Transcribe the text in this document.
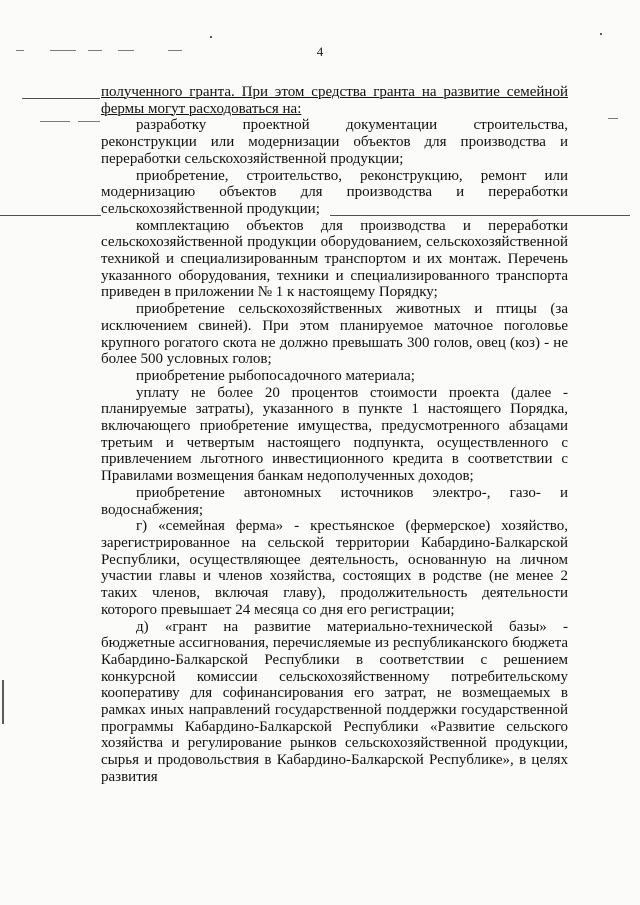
4

полученного гранта. При этом средства гранта на развитие семейной фермы могут расходоваться на:

разработку проектной документации строительства, реконструкции или модернизации объектов для производства и переработки сельскохозяйственной продукции;

приобретение, строительство, реконструкцию, ремонт или модернизацию объектов для производства и переработки сельскохозяйственной продукции;

комплектацию объектов для производства и переработки сельскохозяйственной продукции оборудованием, сельскохозяйственной техникой и специализированным транспортом и их монтаж. Перечень указанного оборудования, техники и специализированного транспорта приведен в приложении № 1 к настоящему Порядку;

приобретение сельскохозяйственных животных и птицы (за исключением свиней). При этом планируемое маточное поголовье крупного рогатого скота не должно превышать 300 голов, овец (коз) - не более 500 условных голов;

приобретение рыбопосадочного материала;

уплату не более 20 процентов стоимости проекта (далее - планируемые затраты), указанного в пункте 1 настоящего Порядка, включающего приобретение имущества, предусмотренного абзацами третьим и четвертым настоящего подпункта, осуществленного с привлечением льготного инвестиционного кредита в соответствии с Правилами возмещения банкам недополученных доходов;

приобретение автономных источников электро-, газо- и водоснабжения;

г) «семейная ферма» - крестьянское (фермерское) хозяйство, зарегистрированное на сельской территории Кабардино-Балкарской Республики, осуществляющее деятельность, основанную на личном участии главы и членов хозяйства, состоящих в родстве (не менее 2 таких членов, включая главу), продолжительность деятельности которого превышает 24 месяца со дня его регистрации;

д) «грант на развитие материально-технической базы» - бюджетные ассигнования, перечисляемые из республиканского бюджета Кабардино-Балкарской Республики в соответствии с решением конкурсной комиссии сельскохозяйственному потребительскому кооперативу для софинансирования его затрат, не возмещаемых в рамках иных направлений государственной поддержки государственной программы Кабардино-Балкарской Республики «Развитие сельского хозяйства и регулирование рынков сельскохозяйственной продукции, сырья и продовольствия в Кабардино-Балкарской Республике», в целях развития
